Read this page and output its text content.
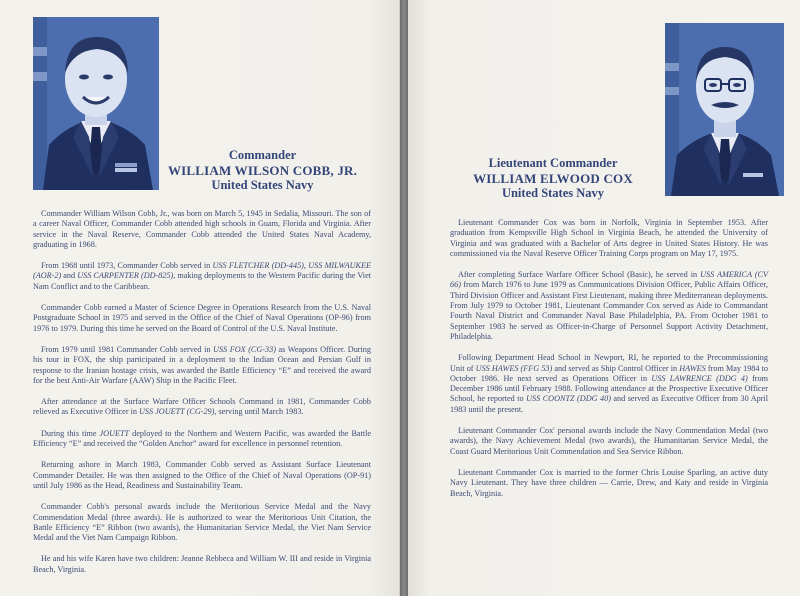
Commander
WILLIAM WILSON COBB, JR.
United States Navy

Commander William Wilson Cobb, Jr., was born on March 5, 1945 in Sedalia, Missouri. The son of a career Naval Officer, Commander Cobb attended high schools in Guam, Florida and Virginia. After service in the Naval Reserve, Commander Cobb attended the United States Naval Academy, graduating in 1968.

From 1968 until 1973, Commander Cobb served in USS FLETCHER (DD-445), USS MILWAUKEE (AOR-2) and USS CARPENTER (DD-825), making deployments to the Western Pacific during the Viet Nam Conflict and to the Caribbean.

Commander Cobb earned a Master of Science Degree in Operations Research from the U.S. Naval Postgraduate School in 1975 and served in the Office of the Chief of Naval Operations (OP-96) from 1976 to 1979. During this time he served on the Board of Control of the U.S. Naval Institute.

From 1979 until 1981 Commander Cobb served in USS FOX (CG-33) as Weapons Officer. During his tour in FOX, the ship participated in a deployment to the Indian Ocean and Persian Gulf in response to the Iranian hostage crisis, was awarded the Battle Efficiency “E” and received the award for the best Anti-Air Warfare (AAW) Ship in the Pacific Fleet.

After attendance at the Surface Warfare Officer Schools Command in 1981, Commander Cobb relieved as Executive Officer in USS JOUETT (CG-29), serving until March 1983.

During this time JOUETT deployed to the Northern and Western Pacific, was awarded the Battle Efficiency “E” and received the “Golden Anchor” award for excellence in personnel retention.

Returning ashore in March 1983, Commander Cobb served as Assistant Surface Lieutenant Commander Detailer. He was then assigned to the Office of the Chief of Naval Operations (OP-91) until July 1986 as the Head, Readiness and Sustainability Team.

Commander Cobb's personal awards include the Meritorious Service Medal and the Navy Commendation Medal (three awards). He is authorized to wear the Meritorious Unit Citation, the Battle Efficiency “E” Ribbon (two awards), the Humanitarian Service Medal, the Viet Nam Service Medal and the Viet Nam Campaign Ribbon.

He and his wife Karen have two children: Jeanne Rebbeca and William W. III and reside in Virginia Beach, Virginia.

Lieutenant Commander
WILLIAM ELWOOD COX
United States Navy

Lieutenant Commander Cox was born in Norfolk, Virginia in September 1953. After graduation from Kempsville High School in Virginia Beach, he attended the University of Virginia and was graduated with a Bachelor of Arts degree in United States History. He was commissioned via the Naval Reserve Officer Training Corps program on May 17, 1975.

After completing Surface Warfare Officer School (Basic), he served in USS AMERICA (CV 66) from March 1976 to June 1979 as Communications Division Officer, Public Affairs Officer, Third Division Officer and Assistant First Lieutenant, making three Mediterranean deployments. From July 1979 to October 1981, Lieutenant Commander Cox served as Aide to Commandant Fourth Naval District and Commander Naval Base Philadelphia, PA. From October 1981 to September 1983 he served as Officer-in-Charge of Personnel Support Activity Detachment, Philadelphia.

Following Department Head School in Newport, RI, he reported to the Precommissioning Unit of USS HAWES (FFG 53) and served as Ship Control Officer in HAWES from May 1984 to October 1986. He next served as Operations Officer in USS LAWRENCE (DDG 4) from December 1986 until February 1988. Following attendance at the Prospective Executive Officer School, he reported to USS COONTZ (DDG 40) and served as Executive Officer from 30 April 1983 until the present.

Lieutenant Commander Cox' personal awards include the Navy Commendation Medal (two awards), the Navy Achievement Medal (two awards), the Humanitarian Service Medal, the Coast Guard Meritorious Unit Commendation and Sea Service Ribbon.

Lieutenant Commander Cox is married to the former Chris Louise Sparling, an active duty Navy Lieutenant. They have three children — Carrie, Drew, and Katy and reside in Virginia Beach, Virginia.
